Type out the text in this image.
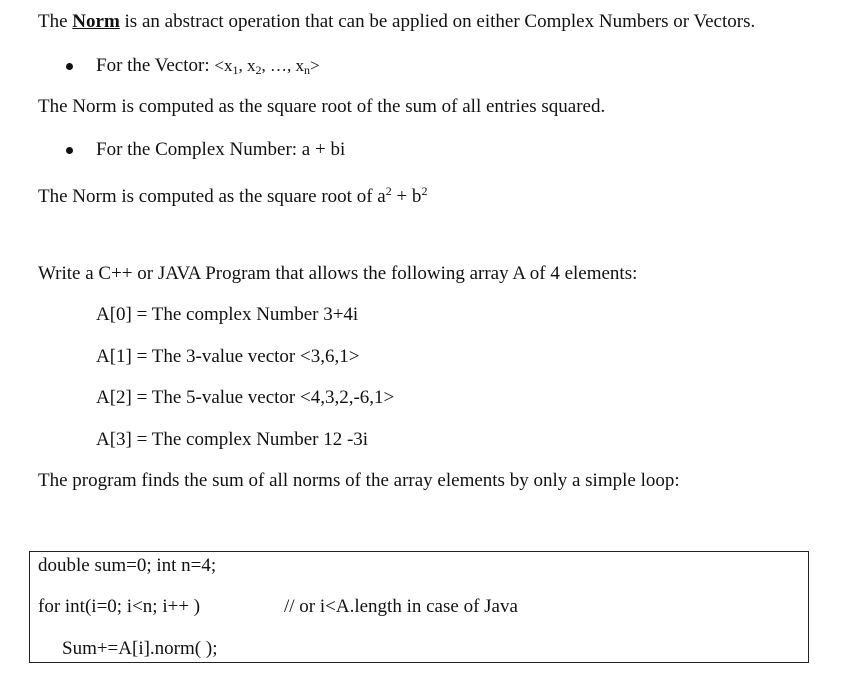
The Norm is an abstract operation that can be applied on either Complex Numbers or Vectors.
For the Vector: $<x_1$, $x_2$, …, $x_n>$
The Norm is computed as the square root of the sum of all entries squared.
For the Complex Number: a + bi
The Norm is computed as the square root of $a^2 + b^2$
Write a C++ or JAVA Program that allows the following array A of 4 elements:
A[0] = The complex Number 3+4i
A[1] = The 3-value vector <3,6,1>
A[2] = The 5-value vector <4,3,2,-6,1>
A[3] = The complex Number 12 -3i
The program finds the sum of all norms of the array elements by only a simple loop:
double sum=0; int n=4;
for int(i=0; i<n; i++ )	// or i<A.length in case of Java
Sum+=A[i].norm( );
